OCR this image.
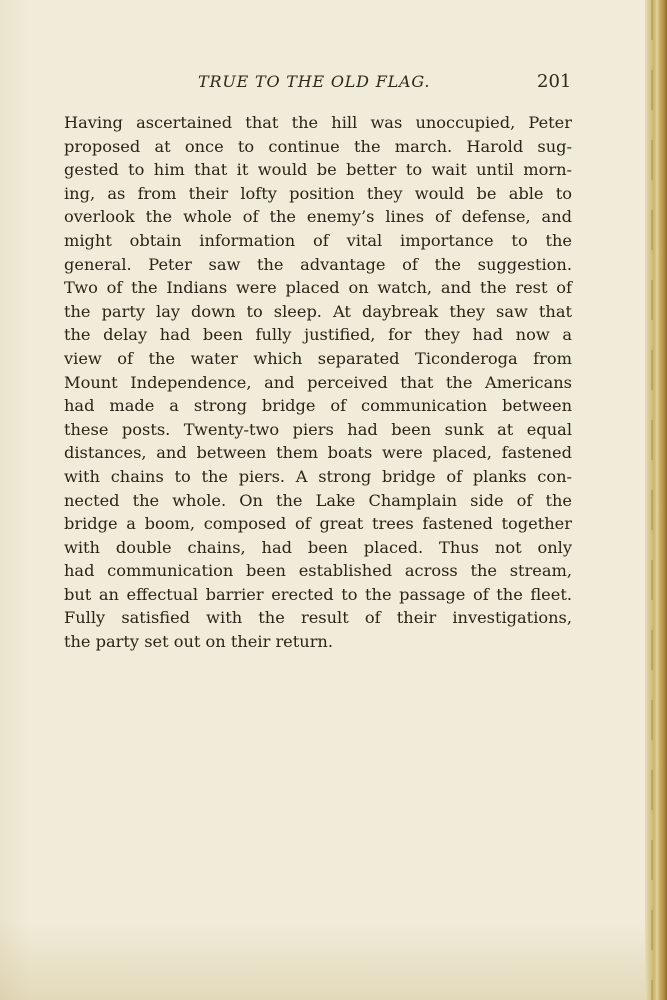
TRUE TO THE OLD FLAG.	201
Having ascertained that the hill was unoccupied, Peter
proposed at once to continue the march. Harold sug-
gested to him that it would be better to wait until morn-
ing, as from their lofty position they would be able to
overlook the whole of the enemy’s lines of defense, and
might obtain information of vital importance to the
general. Peter saw the advantage of the suggestion.
Two of the Indians were placed on watch, and the rest of
the party lay down to sleep. At daybreak they saw that
the delay had been fully justified, for they had now a
view of the water which separated Ticonderoga from
Mount Independence, and perceived that the Americans
had made a strong bridge of communication between
these posts. Twenty-two piers had been sunk at equal
distances, and between them boats were placed, fastened
with chains to the piers. A strong bridge of planks con-
nected the whole. On the Lake Champlain side of the
bridge a boom, composed of great trees fastened together
with double chains, had been placed. Thus not only
had communication been established across the stream,
but an effectual barrier erected to the passage of the fleet.
Fully satisfied with the result of their investigations,
the party set out on their return.
